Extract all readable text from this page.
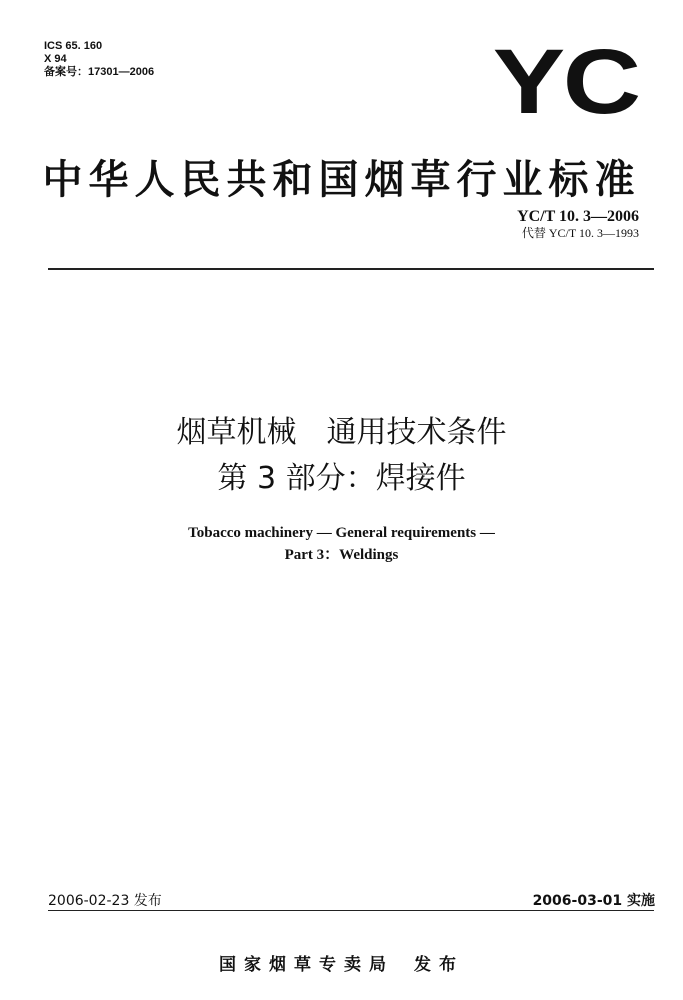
ICS 65. 160
X 94
备案号：17301—2006	YC
中华人民共和国烟草行业标准
YC/T 10. 3—2006
代替 YC/T 10. 3—1993
烟草机械　通用技术条件
第 3 部分：焊接件
Tobacco machinery — General requirements —
Part 3：Weldings
2006-02-23 发布	2006-03-01 实施
国家烟草专卖局 发布
